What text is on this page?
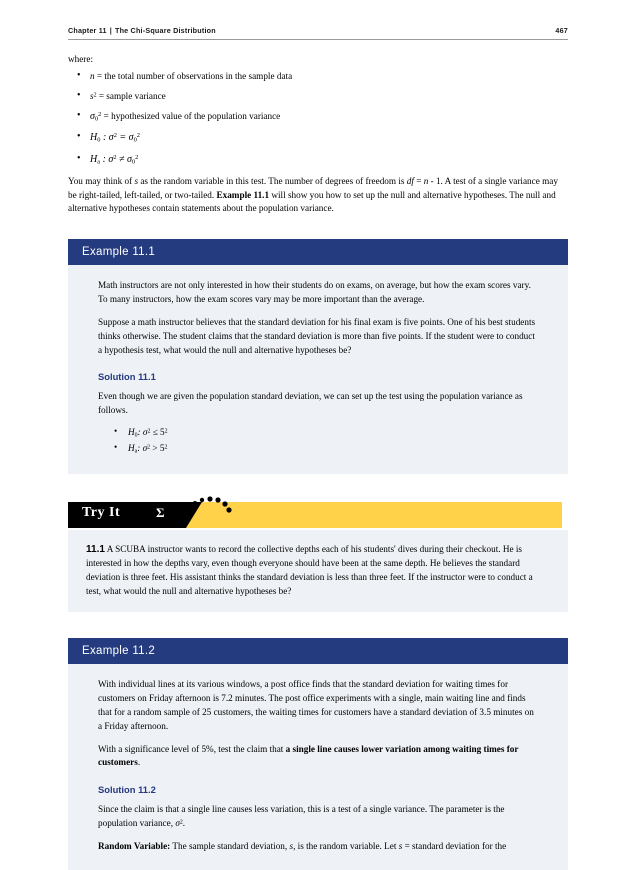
Chapter 11 | The Chi-Square Distribution	467

where:

• n = the total number of observations in the sample data
• $s^2$ = sample variance
• $\sigma_0^2$ = hypothesized value of the population variance
• $H_0$ : $\sigma^2 = \sigma_0^2$
• $H_a$ : $\sigma^2 \ne \sigma_0^2$

You may think of s as the random variable in this test. The number of degrees of freedom is df = n - 1. A test of a single variance may be right-tailed, left-tailed, or two-tailed. Example 11.1 will show you how to set up the null and alternative hypotheses. The null and alternative hypotheses contain statements about the population variance.

Example 11.1

Math instructors are not only interested in how their students do on exams, on average, but how the exam scores vary. To many instructors, how the exam scores vary may be more important than the average.

Suppose a math instructor believes that the standard deviation for his final exam is five points. One of his best students thinks otherwise. The student claims that the standard deviation is more than five points. If the student were to conduct a hypothesis test, what would the null and alternative hypotheses be?

Solution 11.1

Even though we are given the population standard deviation, we can set up the test using the population variance as follows.

• $H_0$: $\sigma^2 \le 5^2$
• $H_a$: $\sigma^2 > 5^2$
Try It	Σ

11.1 A SCUBA instructor wants to record the collective depths each of his students' dives during their checkout. He is interested in how the depths vary, even though everyone should have been at the same depth. He believes the standard deviation is three feet. His assistant thinks the standard deviation is less than three feet. If the instructor were to conduct a test, what would the null and alternative hypotheses be?

Example 11.2

With individual lines at its various windows, a post office finds that the standard deviation for waiting times for customers on Friday afternoon is 7.2 minutes. The post office experiments with a single, main waiting line and finds that for a random sample of 25 customers, the waiting times for customers have a standard deviation of 3.5 minutes on a Friday afternoon.

With a significance level of 5%, test the claim that a single line causes lower variation among waiting times for customers.

Solution 11.2

Since the claim is that a single line causes less variation, this is a test of a single variance. The parameter is the population variance, $\sigma^2$.

Random Variable: The sample standard deviation, s, is the random variable. Let s = standard deviation for the
